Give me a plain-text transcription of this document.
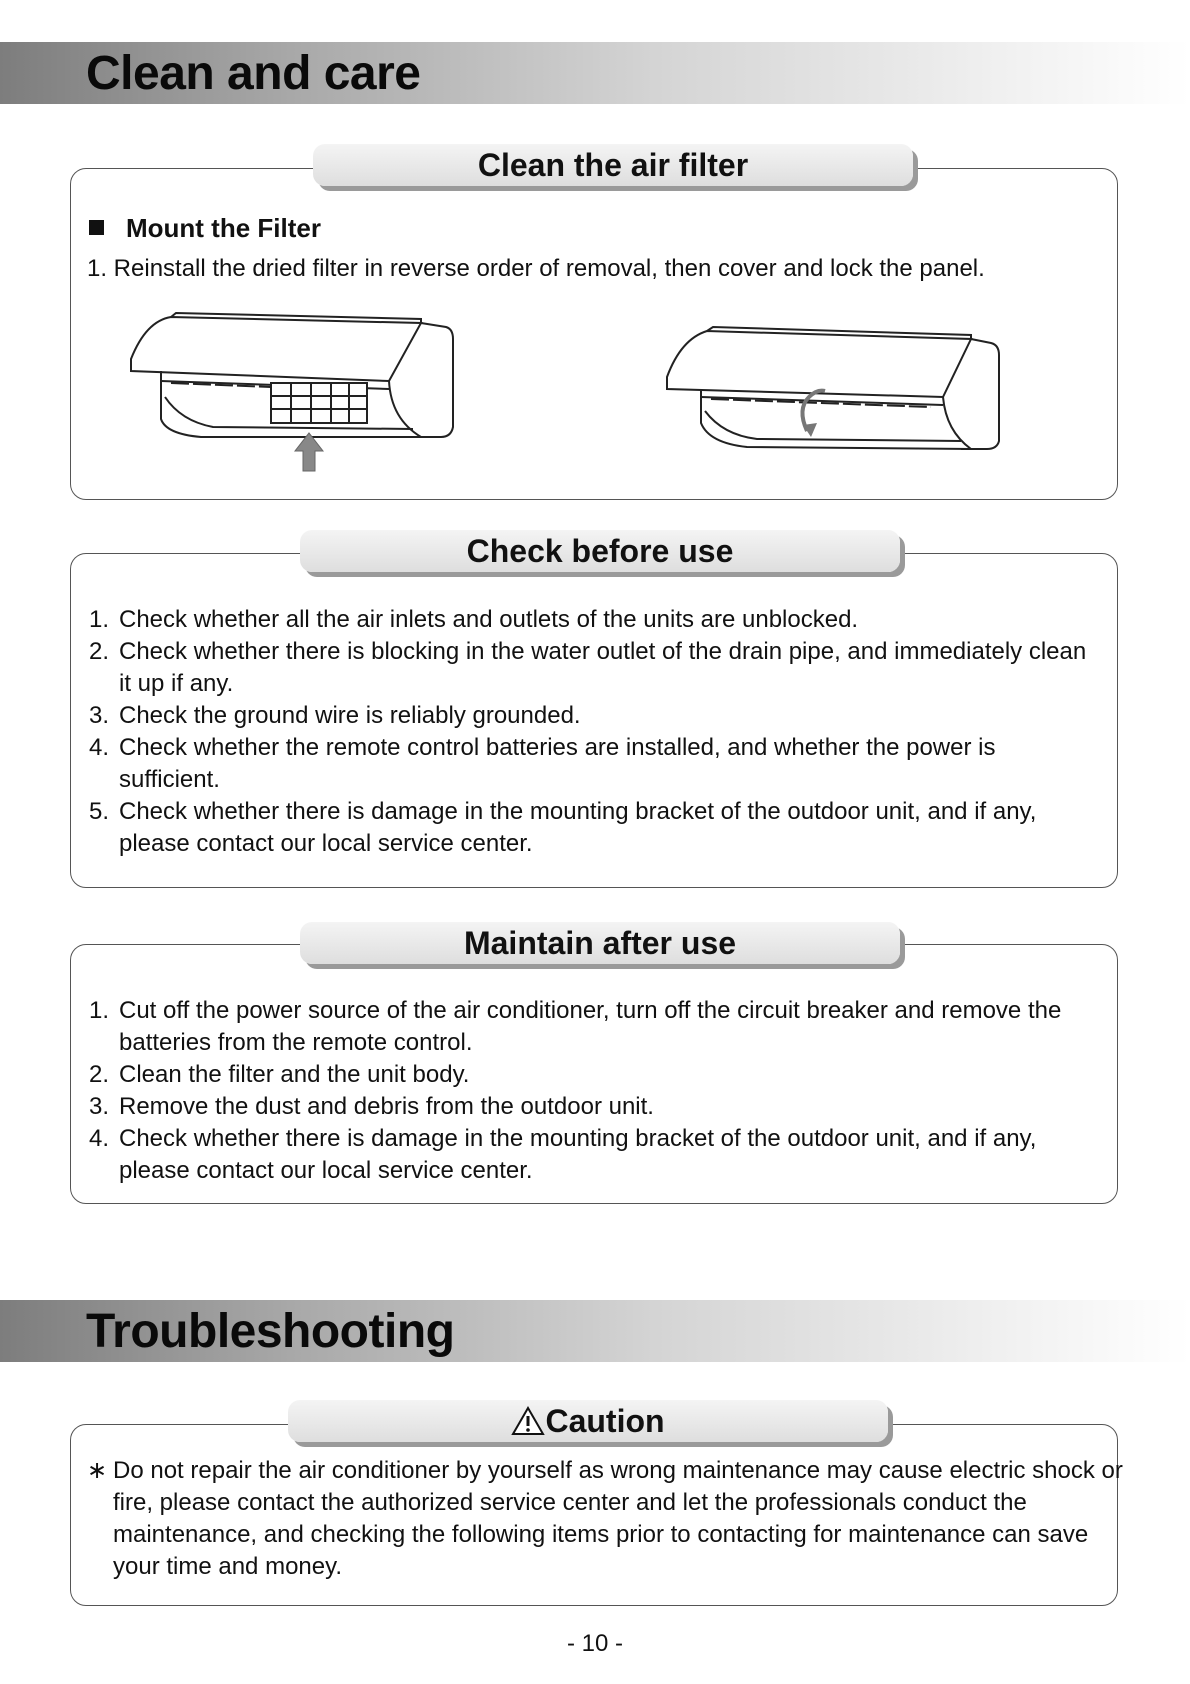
Clean and care
Mount the Filter
1. Reinstall the dried filter in reverse order of removal, then cover and lock the panel.
Clean the air filter
1. Check whether all the air inlets and outlets of the units are unblocked.
2. Check whether there is blocking in the water outlet of the drain pipe, and immediately clean it up if any.
3. Check the ground wire is reliably grounded.
4. Check whether the remote control batteries are installed, and whether the power is sufficient.
5. Check whether there is damage in the mounting bracket of the outdoor unit, and if any, please contact our local service center.
Check before use
1. Cut off the power source of the air conditioner, turn off the circuit breaker and remove the batteries from the remote control.
2. Clean the filter and the unit body.
3. Remove the dust and debris from the outdoor unit.
4. Check whether there is damage in the mounting bracket of the outdoor unit, and if any, please contact our local service center.
Maintain after use
Troubleshooting
∗ Do not repair the air conditioner by yourself as wrong maintenance may cause electric shock or fire, please contact the authorized service center and let the professionals conduct the maintenance, and checking the following items prior to contacting for maintenance can save your time and money.
Caution
- 10 -
